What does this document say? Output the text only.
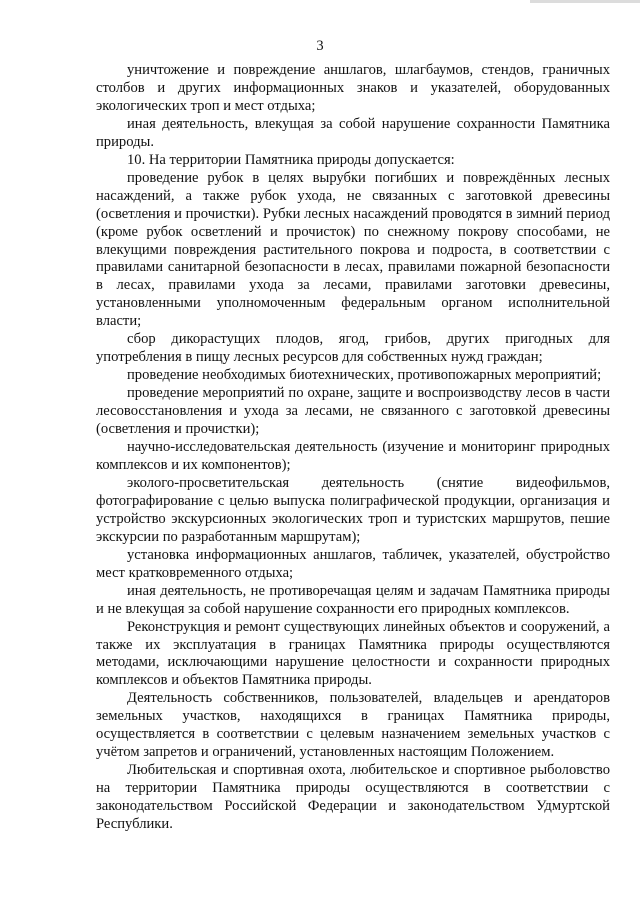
3

уничтожение и повреждение аншлагов, шлагбаумов, стендов, граничных столбов и других информационных знаков и указателей, оборудованных экологических троп и мест отдыха;

иная деятельность, влекущая за собой нарушение сохранности Памятника природы.

10. На территории Памятника природы допускается:

проведение рубок в целях вырубки погибших и повреждённых лесных насаждений, а также рубок ухода, не связанных с заготовкой древесины (осветления и прочистки). Рубки лесных насаждений проводятся в зимний период (кроме рубок осветлений и прочисток) по снежному покрову способами, не влекущими повреждения растительного покрова и подроста, в соответствии с правилами санитарной безопасности в лесах, правилами пожарной безопасности в лесах, правилами ухода за лесами, правилами заготовки древесины, установленными уполномоченным федеральным органом исполнительной власти;

сбор дикорастущих плодов, ягод, грибов, других пригодных для употребления в пищу лесных ресурсов для собственных нужд граждан;

проведение необходимых биотехнических, противопожарных мероприятий;

проведение мероприятий по охране, защите и воспроизводству лесов в части лесовосстановления и ухода за лесами, не связанного с заготовкой древесины (осветления и прочистки);

научно-исследовательская деятельность (изучение и мониторинг природных комплексов и их компонентов);

эколого-просветительская деятельность (снятие видеофильмов, фотографирование с целью выпуска полиграфической продукции, организация и устройство экскурсионных экологических троп и туристских маршрутов, пешие экскурсии по разработанным маршрутам);

установка информационных аншлагов, табличек, указателей, обустройство мест кратковременного отдыха;

иная деятельность, не противоречащая целям и задачам Памятника природы и не влекущая за собой нарушение сохранности его природных комплексов.

Реконструкция и ремонт существующих линейных объектов и сооружений, а также их эксплуатация в границах Памятника природы осуществляются методами, исключающими нарушение целостности и сохранности природных комплексов и объектов Памятника природы.

Деятельность собственников, пользователей, владельцев и арендаторов земельных участков, находящихся в границах Памятника природы, осуществляется в соответствии с целевым назначением земельных участков с учётом запретов и ограничений, установленных настоящим Положением.

Любительская и спортивная охота, любительское и спортивное рыболовство на территории Памятника природы осуществляются в соответствии с законодательством Российской Федерации и законодательством Удмуртской Республики.
